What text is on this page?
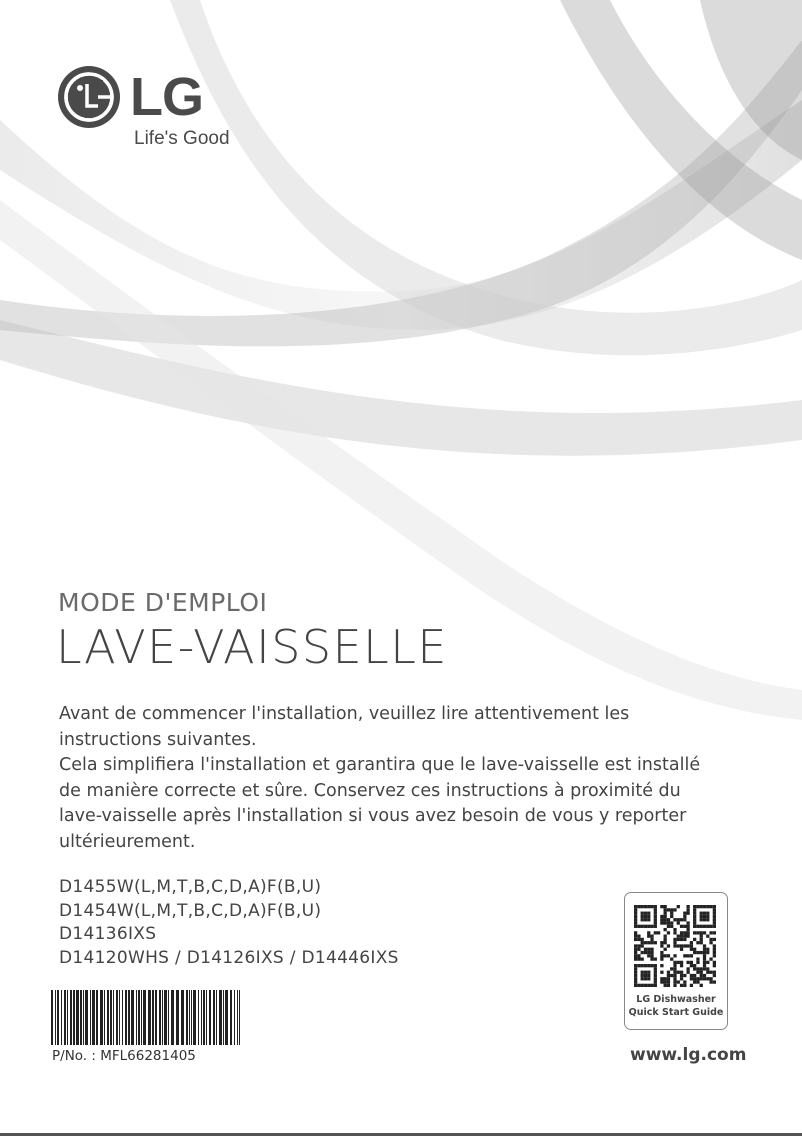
LG
Life's Good
MODE D'EMPLOI
LAVE-VAISSELLE

Avant de commencer l'installation, veuillez lire attentivement les instructions suivantes.

Cela simplifiera l'installation et garantira que le lave-vaisselle est installé de manière correcte et sûre. Conservez ces instructions à proximité du lave-vaisselle après l'installation si vous avez besoin de vous y reporter ultérieurement.

D1455W(L,M,T,B,C,D,A)F(B,U)
D1454W(L,M,T,B,C,D,A)F(B,U)
D14136IXS
D14120WHS / D14126IXS / D14446IXS
P/No. : MFL66281405
LG Dishwasher
Quick Start Guide
www.lg.com
